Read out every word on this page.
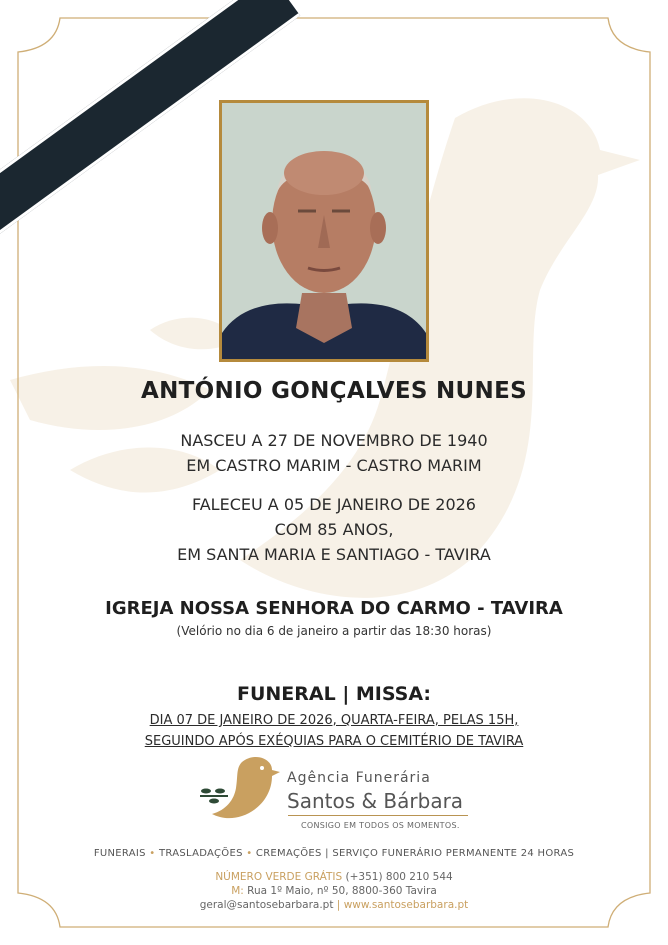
ANTÓNIO GONÇALVES NUNES
NASCEU A 27 DE NOVEMBRO DE 1940
EM CASTRO MARIM - CASTRO MARIM
FALECEU A 05 DE JANEIRO DE 2026
COM 85 ANOS,
EM SANTA MARIA E SANTIAGO - TAVIRA
IGREJA NOSSA SENHORA DO CARMO - TAVIRA
(Velório no dia 6 de janeiro a partir das 18:30 horas)
FUNERAL | MISSA:
DIA 07 DE JANEIRO DE 2026, QUARTA-FEIRA, PELAS 15H,
SEGUINDO APÓS EXÉQUIAS PARA O CEMITÉRIO DE TAVIRA
Agência Funerária
Santos & Bárbara
CONSIGO EM TODOS OS MOMENTOS.
FUNERAIS • TRASLADAÇÕES • CREMAÇÕES | SERVIÇO FUNERÁRIO PERMANENTE 24 HORAS
NÚMERO VERDE GRÁTIS (+351) 800 210 544
M: Rua 1º Maio, nº 50, 8800-360 Tavira
geral@santosebarbara.pt | www.santosebarbara.pt
